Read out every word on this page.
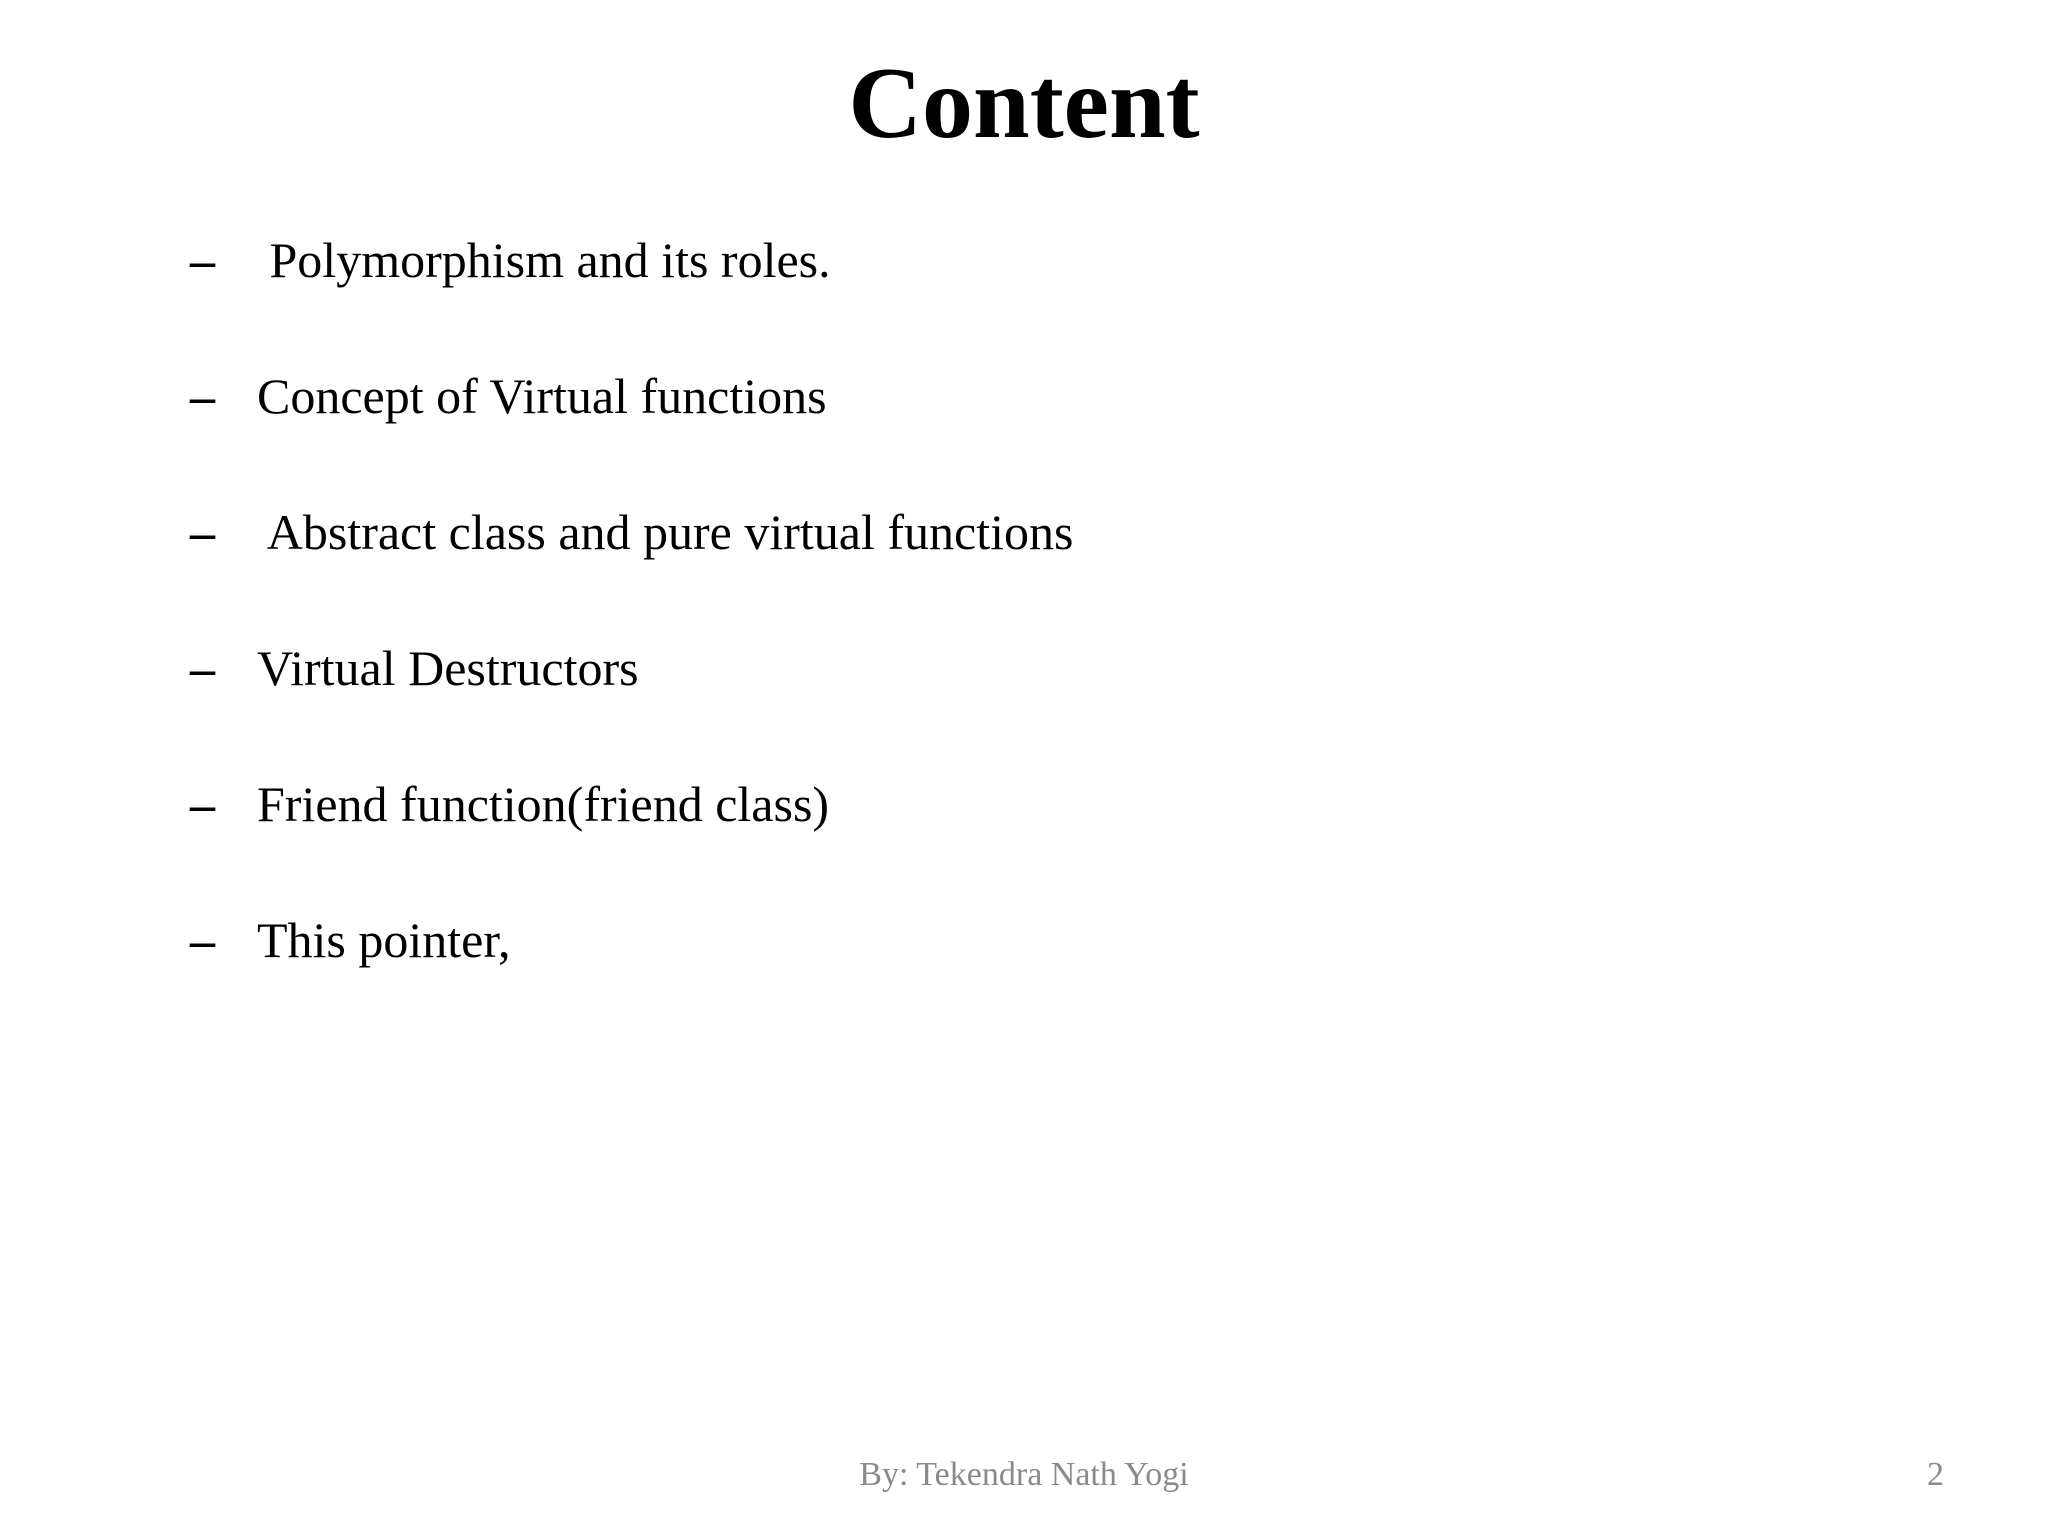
Content
– Polymorphism and its roles.
– Concept of Virtual functions
– Abstract class and pure virtual functions
– Virtual Destructors
– Friend function(friend class)
– This pointer,
By: Tekendra Nath Yogi	2
